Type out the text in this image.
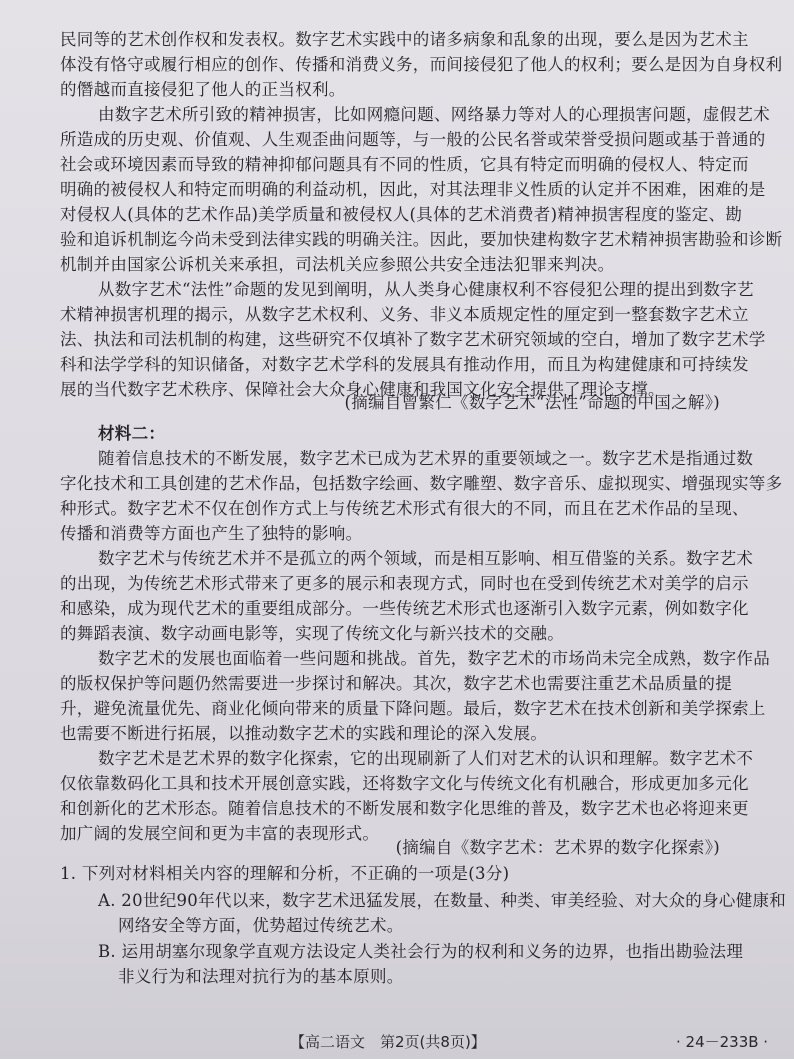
民同等的艺术创作权和发表权。数字艺术实践中的诸多病象和乱象的出现，要么是因为艺术主

体没有恪守或履行相应的创作、传播和消费义务，而间接侵犯了他人的权利；要么是因为自身权利

的僭越而直接侵犯了他人的正当权利。

由数字艺术所引致的精神损害，比如网瘾问题、网络暴力等对人的心理损害问题，虚假艺术

所造成的历史观、价值观、人生观歪曲问题等，与一般的公民名誉或荣誉受损问题或基于普通的

社会或环境因素而导致的精神抑郁问题具有不同的性质，它具有特定而明确的侵权人、特定而

明确的被侵权人和特定而明确的利益动机，因此，对其法理非义性质的认定并不困难，困难的是

对侵权人(具体的艺术作品)美学质量和被侵权人(具体的艺术消费者)精神损害程度的鉴定、勘

验和追诉机制迄今尚未受到法律实践的明确关注。因此，要加快建构数字艺术精神损害勘验和诊断

机制并由国家公诉机关来承担，司法机关应参照公共安全违法犯罪来判决。

从数字艺术“法性”命题的发见到阐明，从人类身心健康权利不容侵犯公理的提出到数字艺

术精神损害机理的揭示，从数字艺术权利、义务、非义本质规定性的厘定到一整套数字艺术立

法、执法和司法机制的构建，这些研究不仅填补了数字艺术研究领域的空白，增加了数字艺术学

科和法学学科的知识储备，对数字艺术学科的发展具有推动作用，而且为构建健康和可持续发

展的当代数字艺术秩序、保障社会大众身心健康和我国文化安全提供了理论支撑。

(摘编自曾繁仁《数字艺术“法性”命题的中国之解》)

材料二：

随着信息技术的不断发展，数字艺术已成为艺术界的重要领域之一。数字艺术是指通过数

字化技术和工具创建的艺术作品，包括数字绘画、数字雕塑、数字音乐、虚拟现实、增强现实等多

种形式。数字艺术不仅在创作方式上与传统艺术形式有很大的不同，而且在艺术作品的呈现、

传播和消费等方面也产生了独特的影响。

数字艺术与传统艺术并不是孤立的两个领域，而是相互影响、相互借鉴的关系。数字艺术

的出现，为传统艺术形式带来了更多的展示和表现方式，同时也在受到传统艺术对美学的启示

和感染，成为现代艺术的重要组成部分。一些传统艺术形式也逐渐引入数字元素，例如数字化

的舞蹈表演、数字动画电影等，实现了传统文化与新兴技术的交融。

数字艺术的发展也面临着一些问题和挑战。首先，数字艺术的市场尚未完全成熟，数字作品

的版权保护等问题仍然需要进一步探讨和解决。其次，数字艺术也需要注重艺术品质量的提

升，避免流量优先、商业化倾向带来的质量下降问题。最后，数字艺术在技术创新和美学探索上

也需要不断进行拓展，以推动数字艺术的实践和理论的深入发展。

数字艺术是艺术界的数字化探索，它的出现刷新了人们对艺术的认识和理解。数字艺术不

仅依靠数码化工具和技术开展创意实践，还将数字文化与传统文化有机融合，形成更加多元化

和创新化的艺术形态。随着信息技术的不断发展和数字化思维的普及，数字艺术也必将迎来更

加广阔的发展空间和更为丰富的表现形式。

(摘编自《数字艺术：艺术界的数字化探索》)

1. 下列对材料相关内容的理解和分析，不正确的一项是(3分)

A. 20世纪90年代以来，数字艺术迅猛发展，在数量、种类、审美经验、对大众的身心健康和

网络安全等方面，优势超过传统艺术。

B. 运用胡塞尔现象学直观方法设定人类社会行为的权利和义务的边界，也指出勘验法理

非义行为和法理对抗行为的基本原则。

【高二语文　第2页(共8页)】	· 24－233B ·
